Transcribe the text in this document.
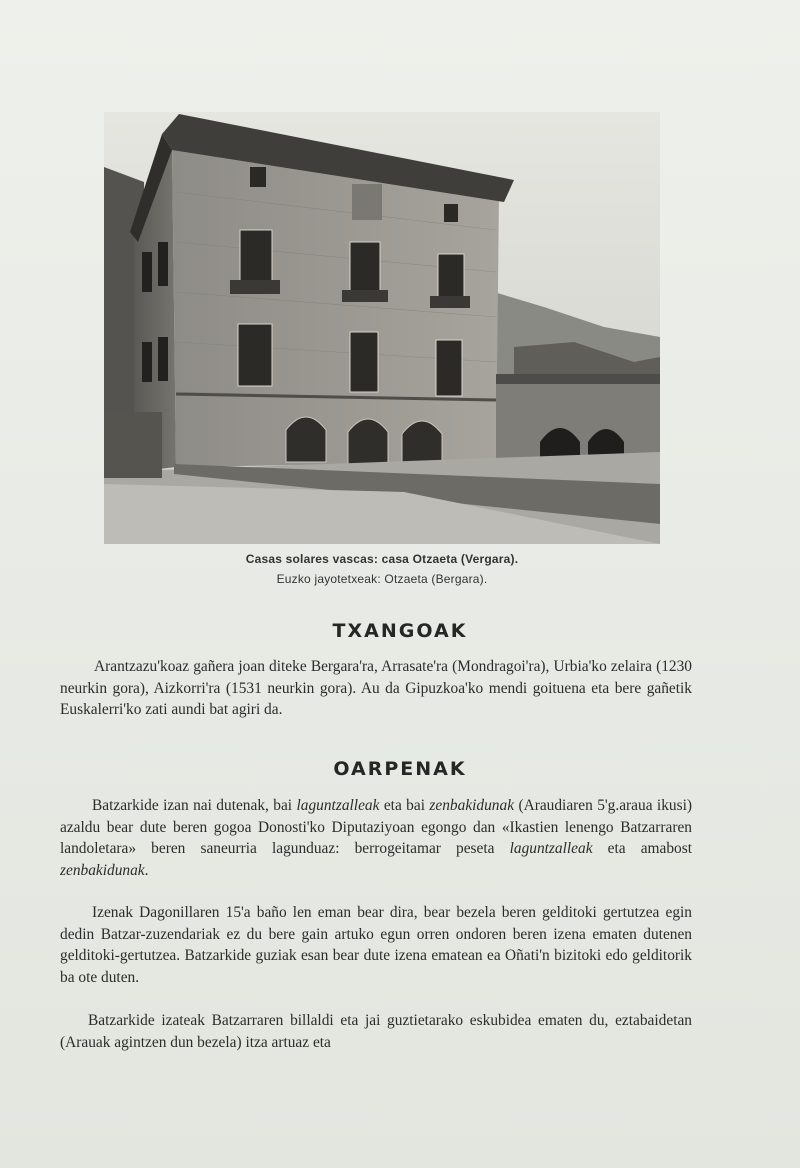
Casas solares vascas: casa Otzaeta (Vergara).
Euzko jayotetxeak: Otzaeta (Bergara).
TXANGOAK
Arantzazu'koaz gañera joan diteke Bergara'ra, Arrasate'ra (Mondragoi'ra), Urbia'ko zelaira (1230 neurkin gora), Aizkorri'ra (1531 neurkin gora). Au da Gipuzkoa'ko mendi goituena eta bere gañetik Euskalerri'ko zati aundi bat agiri da.
OARPENAK
Batzarkide izan nai dutenak, bai laguntzalleak eta bai zenbakidunak (Araudiaren 5'g.araua ikusi) azaldu bear dute beren gogoa Donosti'ko Diputaziyoan egongo dan «Ikastien lenengo Batzarraren landoletara» beren saneurria lagunduaz: berrogeitamar peseta laguntzalleak eta amabost zenbakidunak.
Izenak Dagonillaren 15'a baño len eman bear dira, bear bezela beren gelditoki gertutzea egin dedin Batzar-zuzendariak ez du bere gain artuko egun orren ondoren beren izena ematen dutenen gelditoki-gertutzea. Batzarkide guziak esan bear dute izena ematean ea Oñati'n bizitoki edo gelditorik ba ote duten.
Batzarkide izateak Batzarraren billaldi eta jai guztietarako eskubidea ematen du, eztabaidetan (Arauak agintzen dun bezela) itza artuaz eta
